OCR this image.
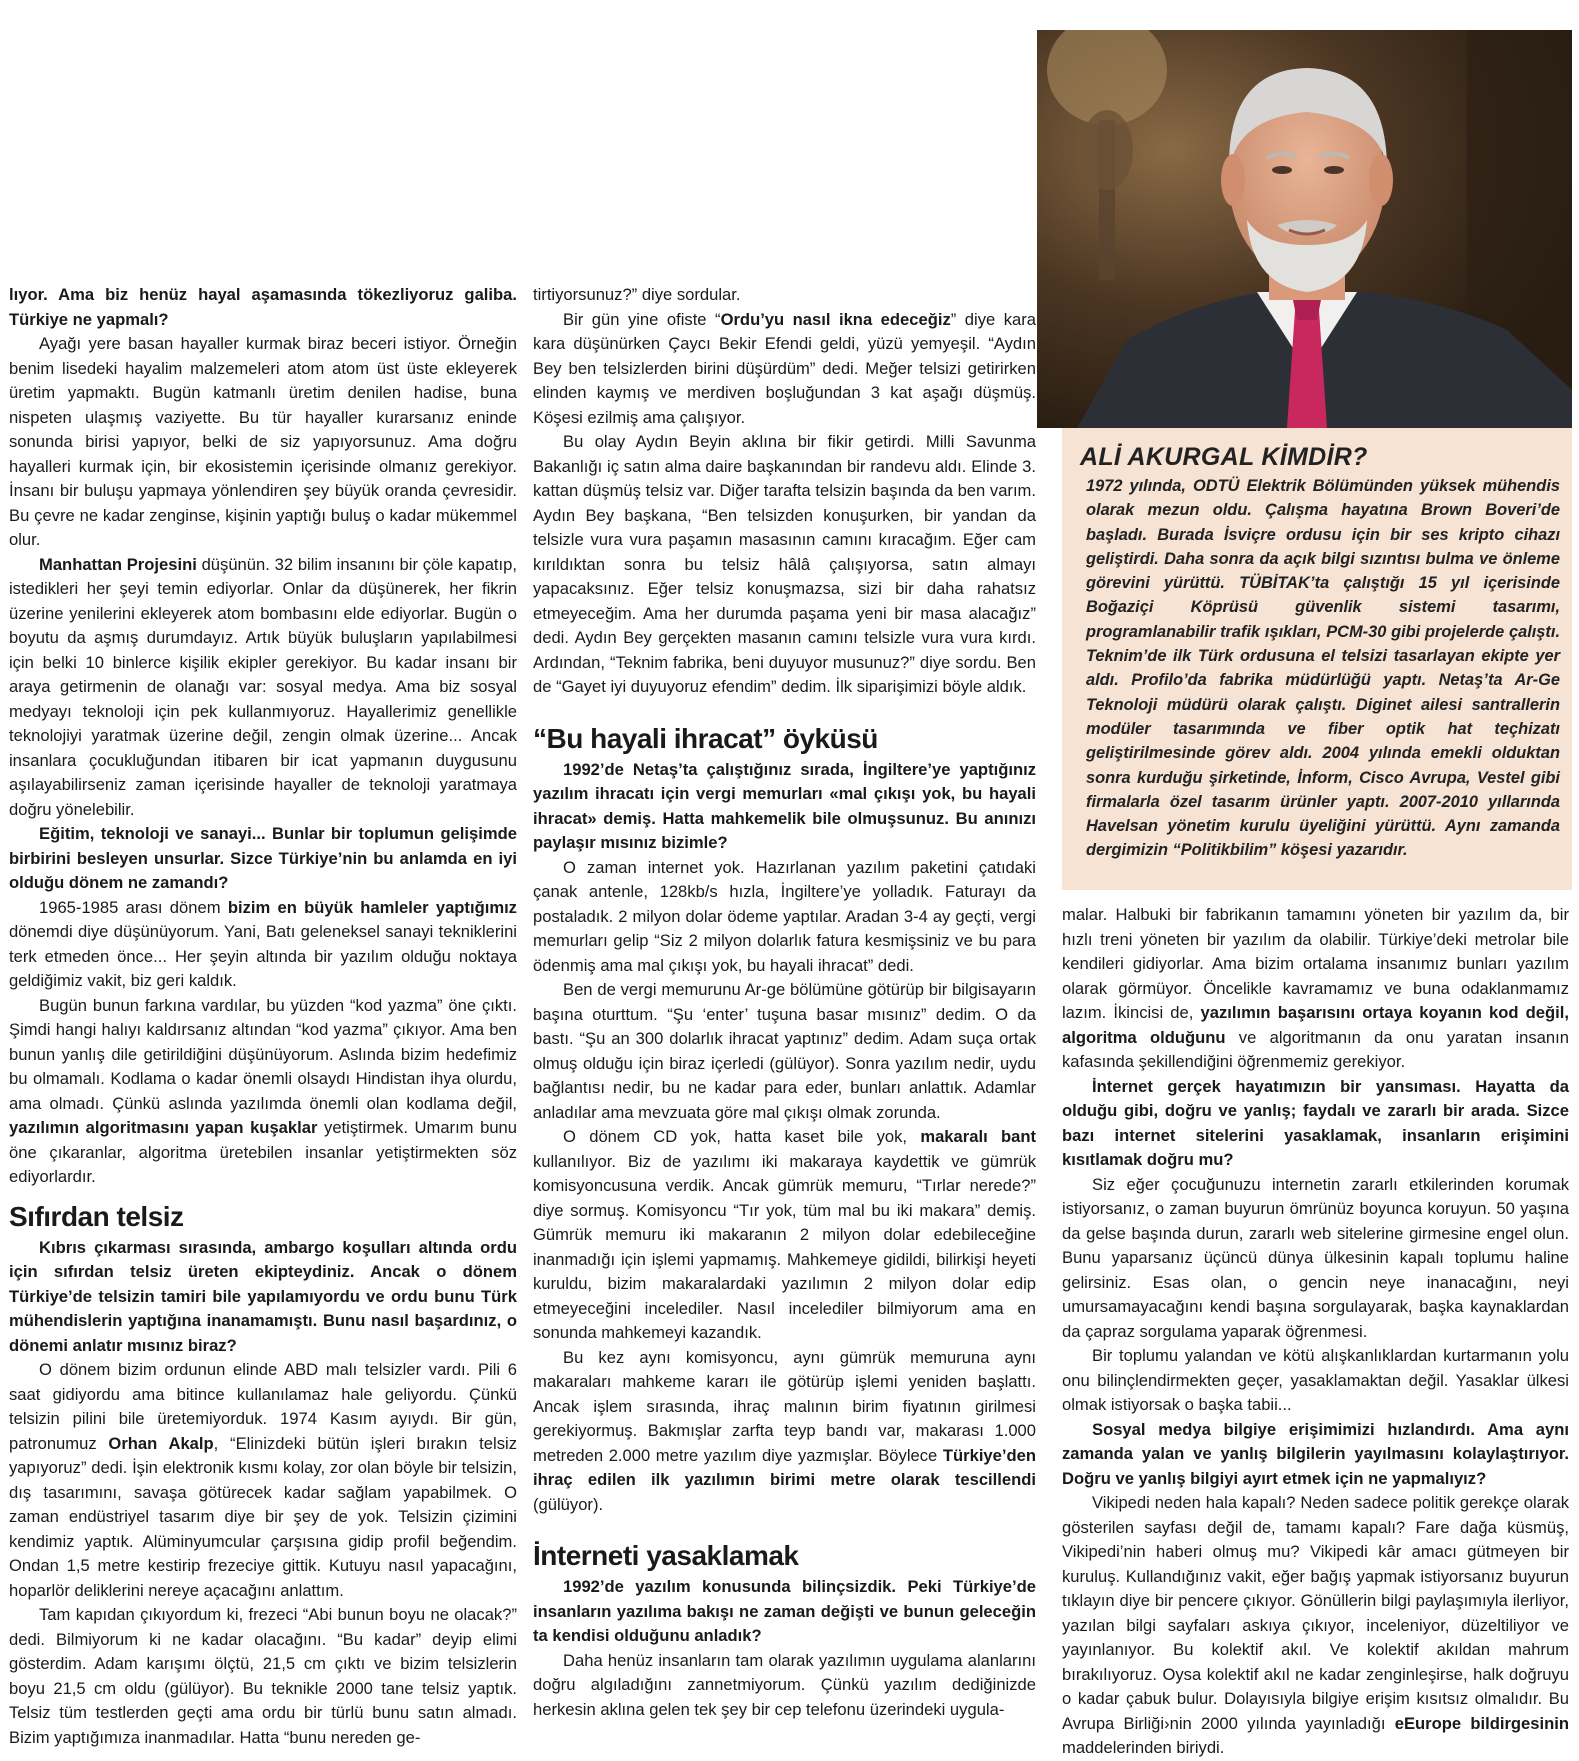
lıyor. Ama biz henüz hayal aşamasında tökezliyoruz galiba. Türkiye ne yapmalı?

Ayağı yere basan hayaller kurmak biraz beceri istiyor. Örneğin benim lisedeki hayalim malzemeleri atom atom üst üste ekleyerek üretim yapmaktı. Bugün katmanlı üretim denilen hadise, buna nispeten ulaşmış vaziyette. Bu tür hayaller kurarsanız eninde sonunda birisi yapıyor, belki de siz yapıyorsunuz. Ama doğru hayalleri kurmak için, bir ekosistemin içerisinde olmanız gerekiyor. İnsanı bir buluşu yapmaya yönlendiren şey büyük oranda çevresidir. Bu çevre ne kadar zenginse, kişinin yaptığı buluş o kadar mükemmel olur.

Manhattan Projesini düşünün. 32 bilim insanını bir çöle kapatıp, istedikleri her şeyi temin ediyorlar. Onlar da düşünerek, her fikrin üzerine yenilerini ekleyerek atom bombasını elde ediyorlar. Bugün o boyutu da aşmış durumdayız. Artık büyük buluşların yapılabilmesi için belki 10 binlerce kişilik ekipler gerekiyor. Bu kadar insanı bir araya getirmenin de olanağı var: sosyal medya. Ama biz sosyal medyayı teknoloji için pek kullanmıyoruz. Hayallerimiz genellikle teknolojiyi yaratmak üzerine değil, zengin olmak üzerine... Ancak insanlara çocukluğundan itibaren bir icat yapmanın duygusunu aşılayabilirseniz zaman içerisinde hayaller de teknoloji yaratmaya doğru yönelebilir.

Eğitim, teknoloji ve sanayi... Bunlar bir toplumun gelişimde birbirini besleyen unsurlar. Sizce Türkiye’nin bu anlamda en iyi olduğu dönem ne zamandı?

1965-1985 arası dönem bizim en büyük hamleler yaptığımız dönemdi diye düşünüyorum. Yani, Batı geleneksel sanayi tekniklerini terk etmeden önce... Her şeyin altında bir yazılım olduğu noktaya geldiğimiz vakit, biz geri kaldık.

Bugün bunun farkına vardılar, bu yüzden “kod yazma” öne çıktı. Şimdi hangi halıyı kaldırsanız altından “kod yazma” çıkıyor. Ama ben bunun yanlış dile getirildiğini düşünüyorum. Aslında bizim hedefimiz bu olmamalı. Kodlama o kadar önemli olsaydı Hindistan ihya olurdu, ama olmadı. Çünkü aslında yazılımda önemli olan kodlama değil, yazılımın algoritmasını yapan kuşaklar yetiştirmek. Umarım bunu öne çıkaranlar, algoritma üretebilen insanlar yetiştirmekten söz ediyorlardır.

Sıfırdan telsiz

Kıbrıs çıkarması sırasında, ambargo koşulları altında ordu için sıfırdan telsiz üreten ekipteydiniz. Ancak o dönem Türkiye’de telsizin tamiri bile yapılamıyordu ve ordu bunu Türk mühendislerin yaptığına inanamamıştı. Bunu nasıl başardınız, o dönemi anlatır mısınız biraz?

O dönem bizim ordunun elinde ABD malı telsizler vardı. Pili 6 saat gidiyordu ama bitince kullanılamaz hale geliyordu. Çünkü telsizin pilini bile üretemiyorduk. 1974 Kasım ayıydı. Bir gün, patronumuz Orhan Akalp, “Elinizdeki bütün işleri bırakın telsiz yapıyoruz” dedi. İşin elektronik kısmı kolay, zor olan böyle bir telsizin, dış tasarımını, savaşa götürecek kadar sağlam yapabilmek. O zaman endüstriyel tasarım diye bir şey de yok. Telsizin çizimini kendimiz yaptık. Alüminyumcular çarşısına gidip profil beğendim. Ondan 1,5 metre kestirip frezeciye gittik. Kutuyu nasıl yapacağını, hoparlör deliklerini nereye açacağını anlattım.

Tam kapıdan çıkıyordum ki, frezeci “Abi bunun boyu ne olacak?” dedi. Bilmiyorum ki ne kadar olacağını. “Bu kadar” deyip elimi gösterdim. Adam karışımı ölçtü, 21,5 cm çıktı ve bizim telsizlerin boyu 21,5 cm oldu (gülüyor). Bu teknikle 2000 tane telsiz yaptık. Telsiz tüm testlerden geçti ama ordu bir türlü bunu satın almadı. Bizim yaptığımıza inanmadılar. Hatta “bunu nereden ge-

tirtiyorsunuz?” diye sordular.

Bir gün yine ofiste “Ordu’yu nasıl ikna edeceğiz” diye kara kara düşünürken Çaycı Bekir Efendi geldi, yüzü yemyeşil. “Aydın Bey ben telsizlerden birini düşürdüm” dedi. Meğer telsizi getirirken elinden kaymış ve merdiven boşluğundan 3 kat aşağı düşmüş. Köşesi ezilmiş ama çalışıyor.

Bu olay Aydın Beyin aklına bir fikir getirdi. Milli Savunma Bakanlığı iç satın alma daire başkanından bir randevu aldı. Elinde 3. kattan düşmüş telsiz var. Diğer tarafta telsizin başında da ben varım. Aydın Bey başkana, “Ben telsizden konuşurken, bir yandan da telsizle vura vura paşamın masasının camını kıracağım. Eğer cam kırıldıktan sonra bu telsiz hâlâ çalışıyorsa, satın almayı yapacaksınız. Eğer telsiz konuşmazsa, sizi bir daha rahatsız etmeyeceğim. Ama her durumda paşama yeni bir masa alacağız” dedi. Aydın Bey gerçekten masanın camını telsizle vura vura kırdı. Ardından, “Teknim fabrika, beni duyuyor musunuz?” diye sordu. Ben de “Gayet iyi duyuyoruz efendim” dedim. İlk siparişimizi böyle aldık.

“Bu hayali ihracat” öyküsü

1992’de Netaş’ta çalıştığınız sırada, İngiltere’ye yaptığınız yazılım ihracatı için vergi memurları «mal çıkışı yok, bu hayali ihracat» demiş. Hatta mahkemelik bile olmuşsunuz. Bu anınızı paylaşır mısınız bizimle?

O zaman internet yok. Hazırlanan yazılım paketini çatıdaki çanak antenle, 128kb/s hızla, İngiltere’ye yolladık. Faturayı da postaladık. 2 milyon dolar ödeme yaptılar. Aradan 3-4 ay geçti, vergi memurları gelip “Siz 2 milyon dolarlık fatura kesmişsiniz ve bu para ödenmiş ama mal çıkışı yok, bu hayali ihracat” dedi.

Ben de vergi memurunu Ar-ge bölümüne götürüp bir bilgisayarın başına oturttum. “Şu ‘enter’ tuşuna basar mısınız” dedim. O da bastı. “Şu an 300 dolarlık ihracat yaptınız” dedim. Adam suça ortak olmuş olduğu için biraz içerledi (gülüyor). Sonra yazılım nedir, uydu bağlantısı nedir, bu ne kadar para eder, bunları anlattık. Adamlar anladılar ama mevzuata göre mal çıkışı olmak zorunda.

O dönem CD yok, hatta kaset bile yok, makaralı bant kullanılıyor. Biz de yazılımı iki makaraya kaydettik ve gümrük komisyoncusuna verdik. Ancak gümrük memuru, “Tırlar nerede?” diye sormuş. Komisyoncu “Tır yok, tüm mal bu iki makara” demiş. Gümrük memuru iki makaranın 2 milyon dolar edebileceğine inanmadığı için işlemi yapmamış. Mahkemeye gidildi, bilirkişi heyeti kuruldu, bizim makaralardaki yazılımın 2 milyon dolar edip etmeyeceğini incelediler. Nasıl incelediler bilmiyorum ama en sonunda mahkemeyi kazandık.

Bu kez aynı komisyoncu, aynı gümrük memuruna aynı makaraları mahkeme kararı ile götürüp işlemi yeniden başlattı. Ancak işlem sırasında, ihraç malının birim fiyatının girilmesi gerekiyormuş. Bakmışlar zarfta teyp bandı var, makarası 1.000 metreden 2.000 metre yazılım diye yazmışlar. Böylece Türkiye’den ihraç edilen ilk yazılımın birimi metre olarak tescillendi (gülüyor).

İnterneti yasaklamak

1992’de yazılım konusunda bilinçsizdik. Peki Türkiye’de insanların yazılıma bakışı ne zaman değişti ve bunun geleceğin ta kendisi olduğunu anladık?

Daha henüz insanların tam olarak yazılımın uygulama alanlarını doğru algıladığını zannetmiyorum. Çünkü yazılım dediğinizde herkesin aklına gelen tek şey bir cep telefonu üzerindeki uygula-

ALİ AKURGAL KİMDİR?

1972 yılında, ODTÜ Elektrik Bölümünden yüksek mühendis olarak mezun oldu. Çalışma hayatına Brown Boveri’de başladı. Burada İsviçre ordusu için bir ses kripto cihazı geliştirdi. Daha sonra da açık bilgi sızıntısı bulma ve önleme görevini yürüttü. TÜBİTAK’ta çalıştığı 15 yıl içerisinde Boğaziçi Köprüsü güvenlik sistemi tasarımı, programlanabilir trafik ışıkları, PCM-30 gibi projelerde çalıştı. Teknim’de ilk Türk ordusuna el telsizi tasarlayan ekipte yer aldı. Profilo’da fabrika müdürlüğü yaptı. Netaş’ta Ar-Ge Teknoloji müdürü olarak çalıştı. Diginet ailesi santrallerin modüler tasarımında ve fiber optik hat teçhizatı geliştirilmesinde görev aldı. 2004 yılında emekli olduktan sonra kurduğu şirketinde, İnform, Cisco Avrupa, Vestel gibi firmalarla özel tasarım ürünler yaptı. 2007-2010 yıllarında Havelsan yönetim kurulu üyeliğini yürüttü. Aynı zamanda dergimizin “Politikbilim” köşesi yazarıdır.

malar. Halbuki bir fabrikanın tamamını yöneten bir yazılım da, bir hızlı treni yöneten bir yazılım da olabilir. Türkiye’deki metrolar bile kendileri gidiyorlar. Ama bizim ortalama insanımız bunları yazılım olarak görmüyor. Öncelikle kavramamız ve buna odaklanmamız lazım. İkincisi de, yazılımın başarısını ortaya koyanın kod değil, algoritma olduğunu ve algoritmanın da onu yaratan insanın kafasında şekillendiğini öğrenmemiz gerekiyor.

İnternet gerçek hayatımızın bir yansıması. Hayatta da olduğu gibi, doğru ve yanlış; faydalı ve zararlı bir arada. Sizce bazı internet sitelerini yasaklamak, insanların erişimini kısıtlamak doğru mu?

Siz eğer çocuğunuzu internetin zararlı etkilerinden korumak istiyorsanız, o zaman buyurun ömrünüz boyunca koruyun. 50 yaşına da gelse başında durun, zararlı web sitelerine girmesine engel olun. Bunu yaparsanız üçüncü dünya ülkesinin kapalı toplumu haline gelirsiniz. Esas olan, o gencin neye inanacağını, neyi umursamayacağını kendi başına sorgulayarak, başka kaynaklardan da çapraz sorgulama yaparak öğrenmesi.

Bir toplumu yalandan ve kötü alışkanlıklardan kurtarmanın yolu onu bilinçlendirmekten geçer, yasaklamaktan değil. Yasaklar ülkesi olmak istiyorsak o başka tabii...

Sosyal medya bilgiye erişimimizi hızlandırdı. Ama aynı zamanda yalan ve yanlış bilgilerin yayılmasını kolaylaştırıyor. Doğru ve yanlış bilgiyi ayırt etmek için ne yapmalıyız?

Vikipedi neden hala kapalı? Neden sadece politik gerekçe olarak gösterilen sayfası değil de, tamamı kapalı? Fare dağa küsmüş, Vikipedi’nin haberi olmuş mu? Vikipedi kâr amacı gütmeyen bir kuruluş. Kullandığınız vakit, eğer bağış yapmak istiyorsanız buyurun tıklayın diye bir pencere çıkıyor. Gönüllerin bilgi paylaşımıyla ilerliyor, yazılan bilgi sayfaları askıya çıkıyor, inceleniyor, düzeltiliyor ve yayınlanıyor. Bu kolektif akıl. Ve kolektif akıldan mahrum bırakılıyoruz. Oysa kolektif akıl ne kadar zenginleşirse, halk doğruyu o kadar çabuk bulur. Dolayısıyla bilgiye erişim kısıtsız olmalıdır. Bu Avrupa Birliği›nin 2000 yılında yayınladığı eEurope bildirgesinin maddelerinden biriydi.
